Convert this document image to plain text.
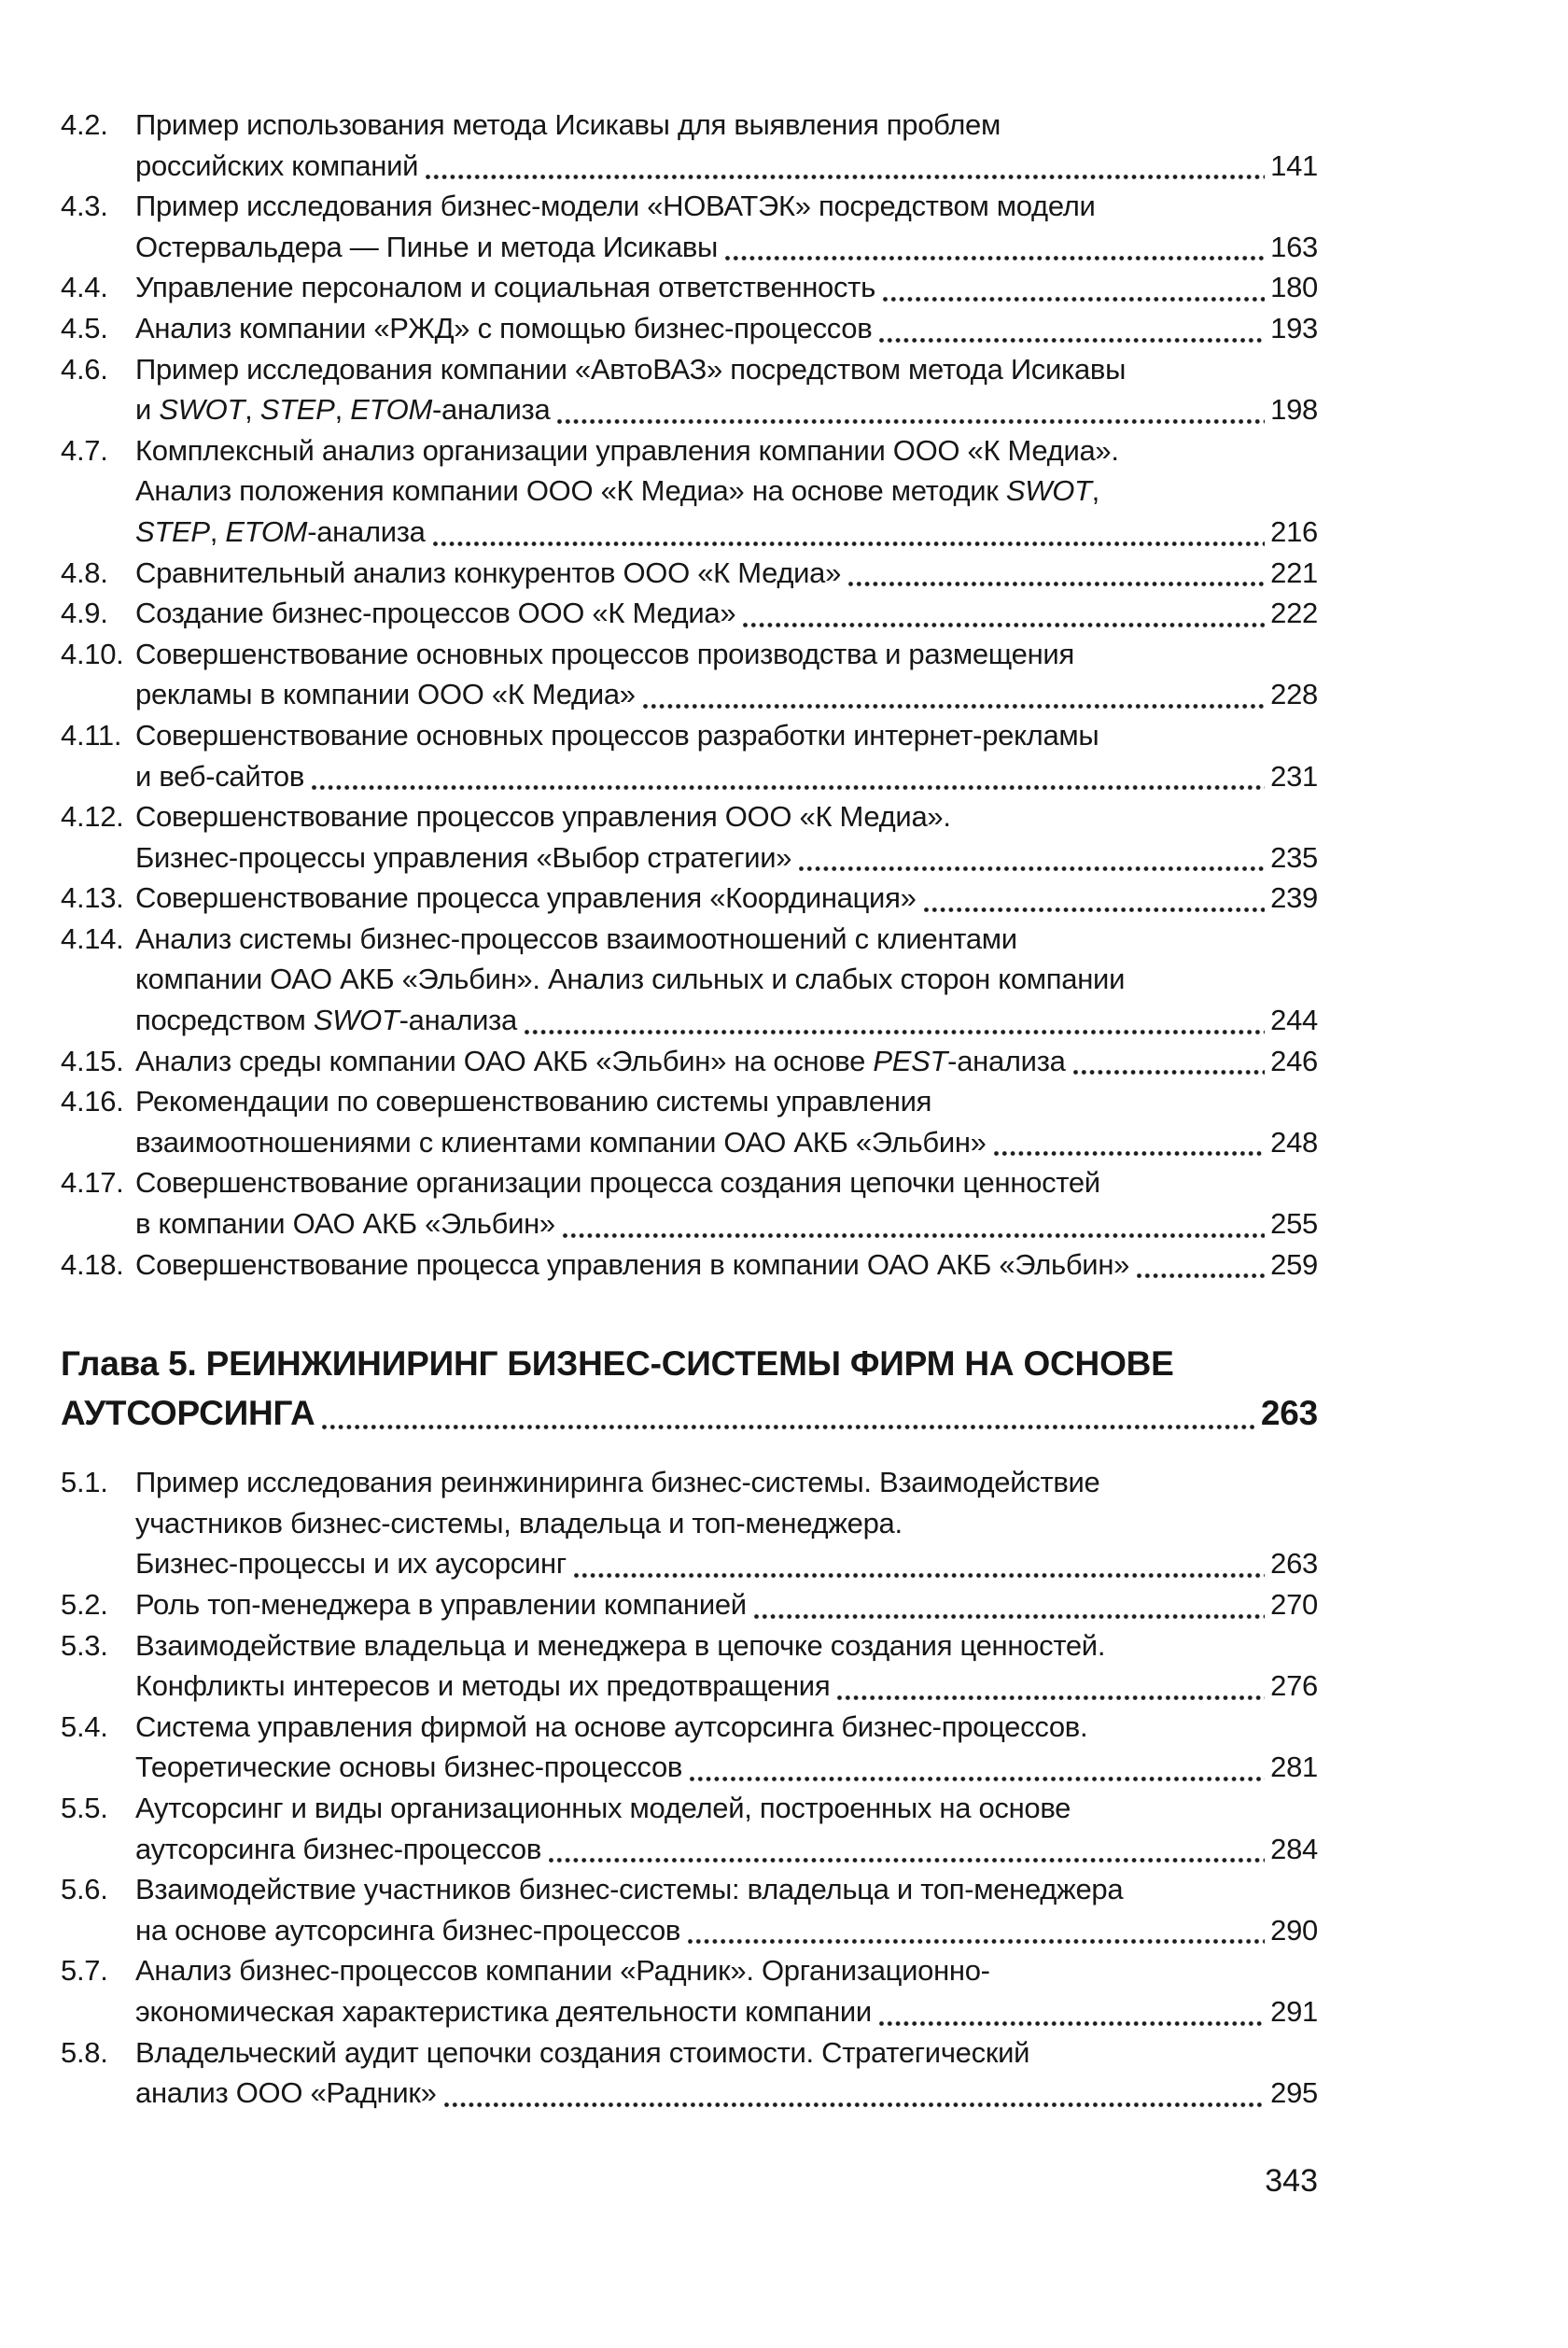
4.2. Пример использования метода Исикавы для выявления проблем
российских компаний	141
4.3. Пример исследования бизнес-модели «НОВАТЭК» посредством модели
Остервальдера — Пинье и метода Исикавы	163
4.4. Управление персоналом и социальная ответственность	180
4.5. Анализ компании «РЖД» с помощью бизнес-процессов	193
4.6. Пример исследования компании «АвтоВАЗ» посредством метода Исикавы
и SWOT, STEP, ETOM-анализа	198
4.7. Комплексный анализ организации управления компании ООО «К Медиа».
Анализ положения компании ООО «К Медиа» на основе методик SWOT,
STEP, ETOM-анализа	216
4.8. Сравнительный анализ конкурентов ООО «К Медиа»	221
4.9. Создание бизнес-процессов ООО «К Медиа»	222
4.10. Совершенствование основных процессов производства и размещения
рекламы в компании ООО «К Медиа»	228
4.11. Совершенствование основных процессов разработки интернет-рекламы
и веб-сайтов	231
4.12. Совершенствование процессов управления ООО «К Медиа».
Бизнес-процессы управления «Выбор стратегии»	235
4.13. Совершенствование процесса управления «Координация»	239
4.14. Анализ системы бизнес-процессов взаимоотношений с клиентами
компании ОАО АКБ «Эльбин». Анализ сильных и слабых сторон компании
посредством SWOT-анализа	244
4.15. Анализ среды компании ОАО АКБ «Эльбин» на основе PEST-анализа	246
4.16. Рекомендации по совершенствованию системы управления
взаимоотношениями с клиентами компании ОАО АКБ «Эльбин»	248
4.17. Совершенствование организации процесса создания цепочки ценностей
в компании ОАО АКБ «Эльбин»	255
4.18. Совершенствование процесса управления в компании ОАО АКБ «Эльбин»	259
Глава 5. РЕИНЖИНИРИНГ БИЗНЕС-СИСТЕМЫ ФИРМ НА ОСНОВЕ
АУТСОРСИНГА	263
5.1. Пример исследования реинжиниринга бизнес-системы. Взаимодействие
участников бизнес-системы, владельца и топ-менеджера.
Бизнес-процессы и их аусорсинг	263
5.2. Роль топ-менеджера в управлении компанией	270
5.3. Взаимодействие владельца и менеджера в цепочке создания ценностей.
Конфликты интересов и методы их предотвращения	276
5.4. Система управления фирмой на основе аутсорсинга бизнес-процессов.
Теоретические основы бизнес-процессов	281
5.5. Аутсорсинг и виды организационных моделей, построенных на основе
аутсорсинга бизнес-процессов	284
5.6. Взаимодействие участников бизнес-системы: владельца и топ-менеджера
на основе аутсорсинга бизнес-процессов	290
5.7. Анализ бизнес-процессов компании «Радник». Организационно-
экономическая характеристика деятельности компании	291
5.8. Владельческий аудит цепочки создания стоимости. Стратегический
анализ ООО «Радник»	295
343
